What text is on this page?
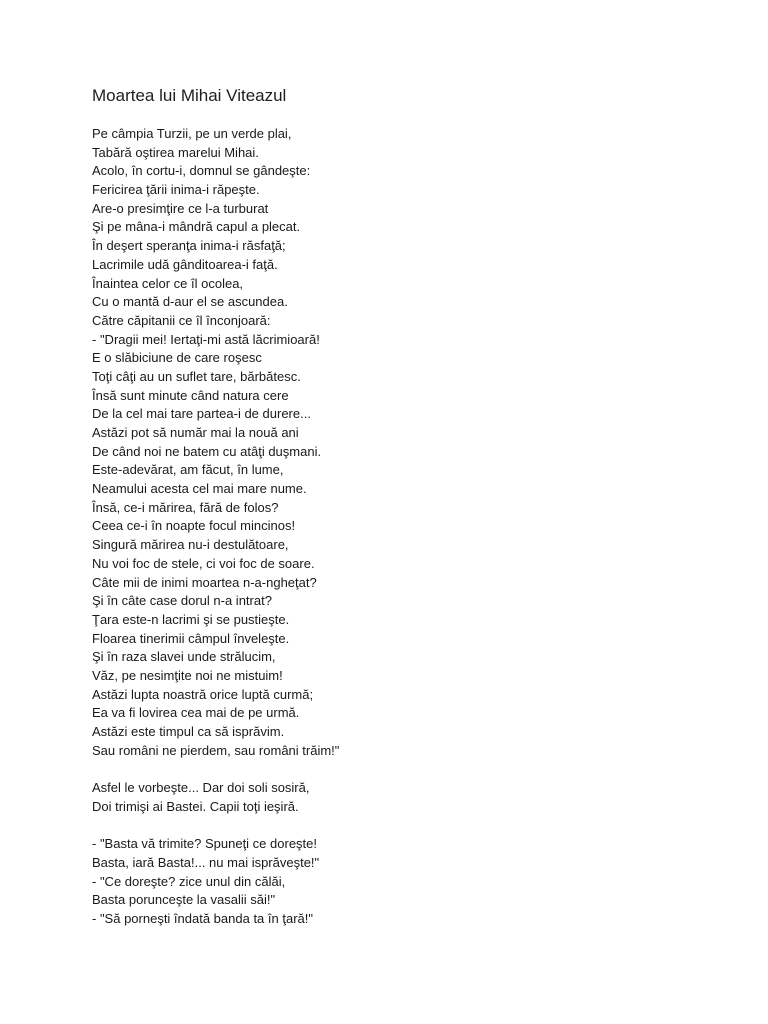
Moartea lui Mihai Viteazul
Pe câmpia Turzii, pe un verde plai,
Tabără oştirea marelui Mihai.
Acolo, în cortu-i, domnul se gândeşte:
Fericirea ţării inima-i răpeşte.
Are-o presimţire ce l-a turburat
Şi pe mâna-i mândră capul a plecat.
În deşert speranţa inima-i răsfaţă;
Lacrimile udă gânditoarea-i faţă.
Înaintea celor ce îl ocolea,
Cu o mantă d-aur el se ascundea.
Către căpitanii ce îl înconjoară:
- "Dragii mei! Iertaţi-mi astă lăcrimioară!
E o slăbiciune de care roşesc
Toţi câţi au un suflet tare, bărbătesc.
Însă sunt minute când natura cere
De la cel mai tare partea-i de durere...
Astăzi pot să număr mai la nouă ani
De când noi ne batem cu atâţi duşmani.
Este-adevărat, am făcut, în lume,
Neamului acesta cel mai mare nume.
Însă, ce-i mărirea, fără de folos?
Ceea ce-i în noapte focul mincinos!
Singură mărirea nu-i destulătoare,
Nu voi foc de stele, ci voi foc de soare.
Câte mii de inimi moartea n-a-ngheţat?
Şi în câte case dorul n-a intrat?
Ţara este-n lacrimi şi se pustieşte.
Floarea tinerimii câmpul înveleşte.
Şi în raza slavei unde strălucim,
Văz, pe nesimţite noi ne mistuim!
Astăzi lupta noastră orice luptă curmă;
Ea va fi lovirea cea mai de pe urmă.
Astăzi este timpul ca să isprăvim.
Sau români ne pierdem, sau români trăim!"
Asfel le vorbeşte... Dar doi soli sosiră,
Doi trimişi ai Bastei. Capii toţi ieşiră.
- "Basta vă trimite? Spuneţi ce doreşte!
Basta, iară Basta!... nu mai isprăveşte!"
- "Ce doreşte? zice unul din călăi,
Basta porunceşte la vasalii săi!"
- "Să porneşti îndată banda ta în ţară!"
